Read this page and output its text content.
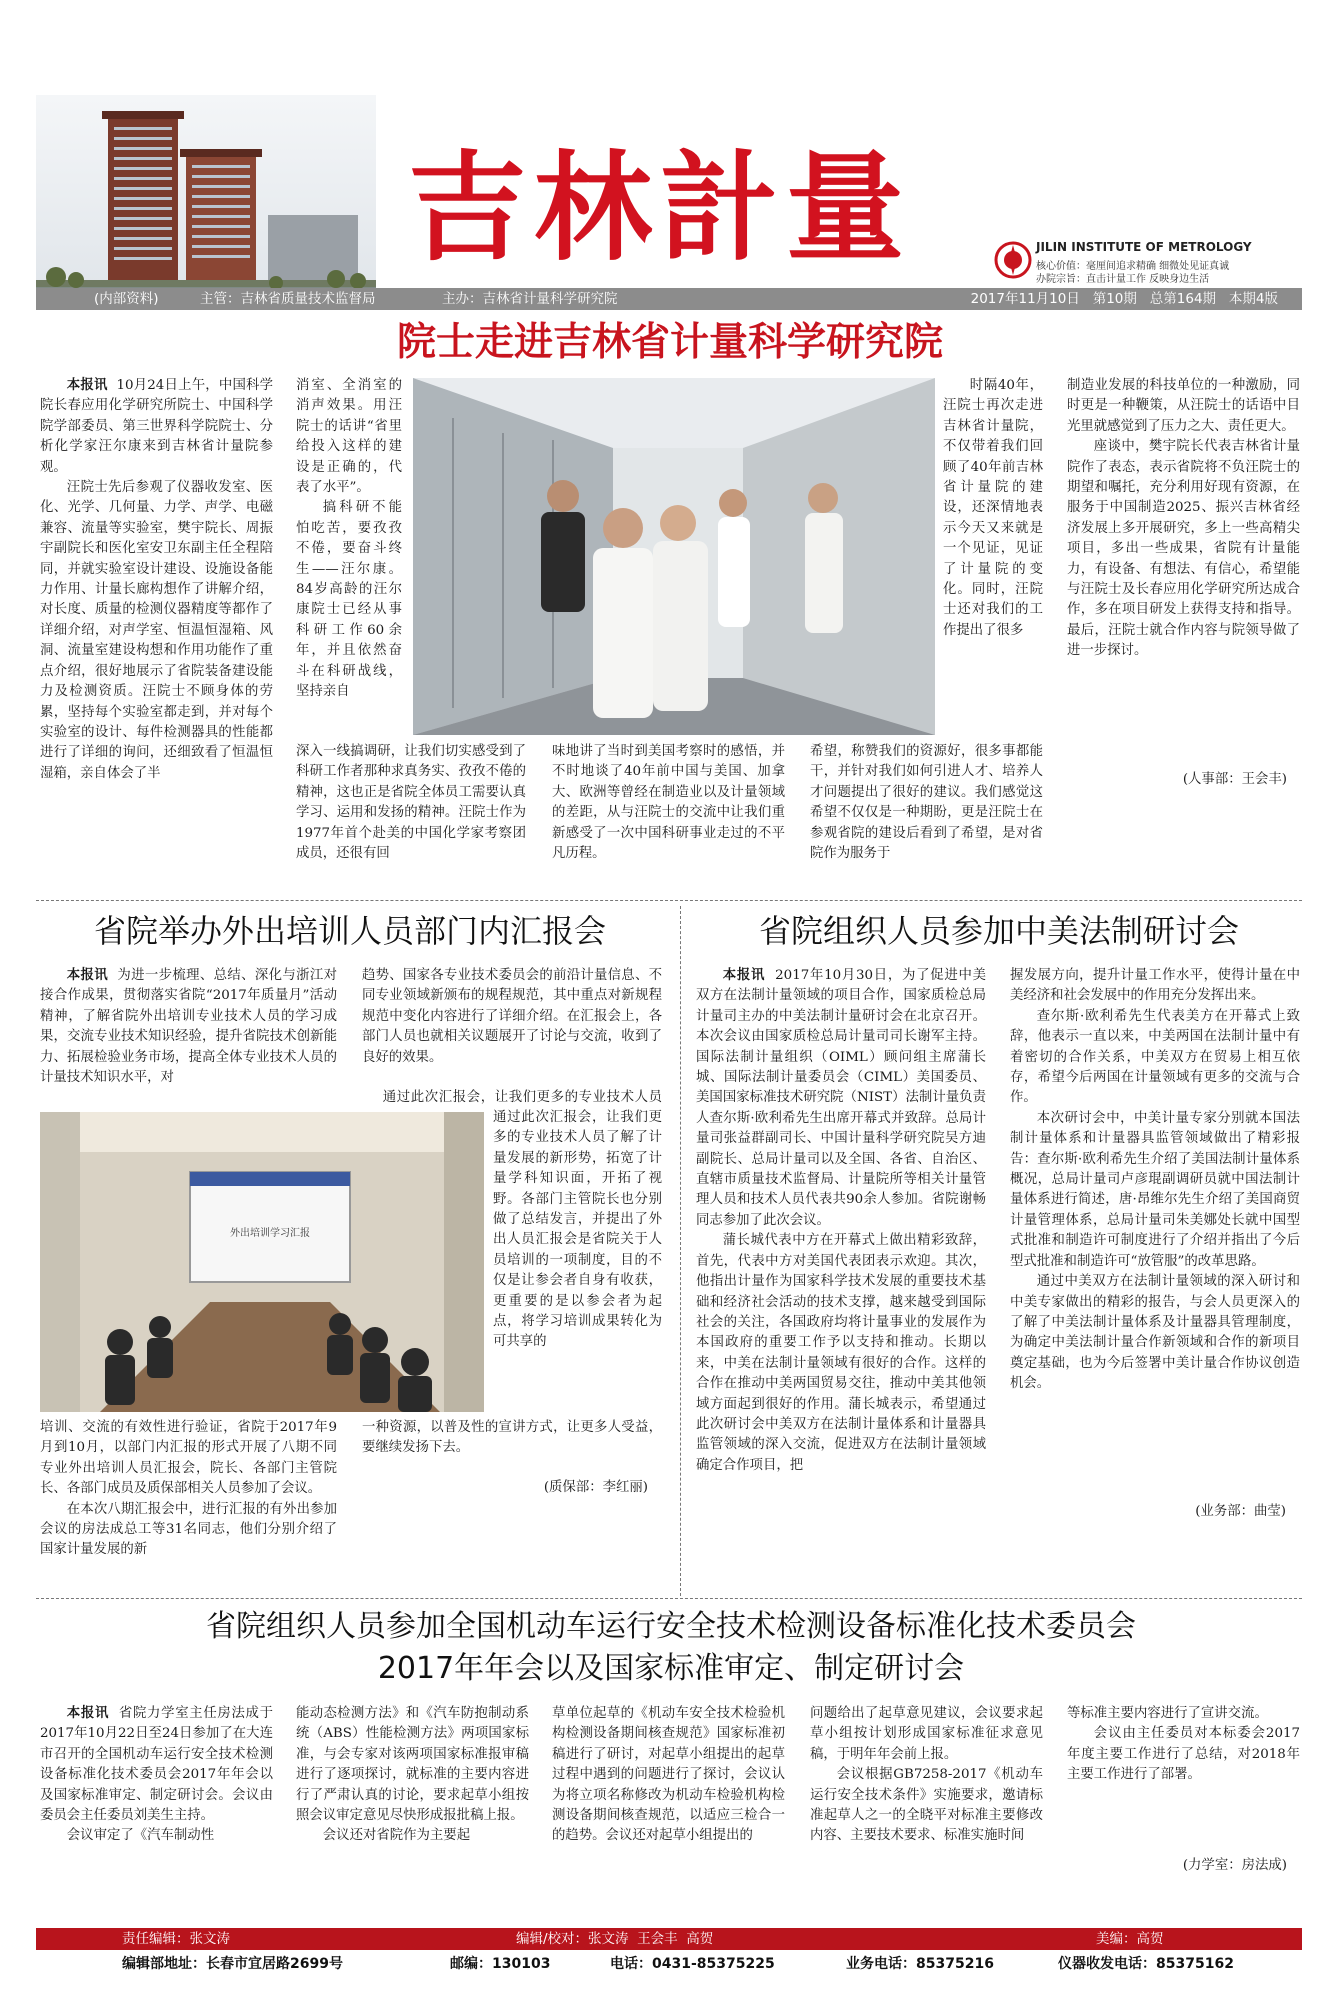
吉林計量	JILIN INSTITUTE OF METROLOGY
核心价值：毫厘间追求精确 细微处见证真诚
办院宗旨：直击计量工作 反映身边生活
(内部资料)	主管：吉林省质量技术监督局	主办：吉林省计量科学研究院	2017年11月10日   第10期   总第164期   本期4版
院士走进吉林省计量科学研究院

本报讯 10月24日上午，中国科学院长春应用化学研究所院士、中国科学院学部委员、第三世界科学院院士、分析化学家汪尔康来到吉林省计量院参观。

汪院士先后参观了仪器收发室、医化、光学、几何量、力学、声学、电磁兼容、流量等实验室，樊宇院长、周振宇副院长和医化室安卫东副主任全程陪同，并就实验室设计建设、设施设备能力作用、计量长廊构想作了讲解介绍，对长度、质量的检测仪器精度等都作了详细介绍，对声学室、恒温恒湿箱、风洞、流量室建设构想和作用功能作了重点介绍，很好地展示了省院装备建设能力及检测资质。汪院士不顾身体的劳累，坚持每个实验室都走到，并对每个实验室的设计、每件检测器具的性能都进行了详细的询问，还细致看了恒温恒湿箱，亲自体会了半

消室、全消室的消声效果。用汪院士的话讲“省里给投入这样的建设是正确的，代表了水平”。

搞科研不能怕吃苦，要孜孜不倦，要奋斗终生——汪尔康。84岁高龄的汪尔康院士已经从事科研工作60余年，并且依然奋斗在科研战线，坚持亲自

时隔40年，汪院士再次走进吉林省计量院，不仅带着我们回顾了40年前吉林省计量院的建设，还深情地表示今天又来就是一个见证，见证了计量院的变化。同时，汪院士还对我们的工作提出了很多

深入一线搞调研，让我们切实感受到了科研工作者那种求真务实、孜孜不倦的精神，这也正是省院全体员工需要认真学习、运用和发扬的精神。汪院士作为1977年首个赴美的中国化学家考察团成员，还很有回

味地讲了当时到美国考察时的感悟，并不时地谈了40年前中国与美国、加拿大、欧洲等曾经在制造业以及计量领域的差距，从与汪院士的交流中让我们重新感受了一次中国科研事业走过的不平凡历程。

希望，称赞我们的资源好，很多事都能干，并针对我们如何引进人才、培养人才问题提出了很好的建议。我们感觉这希望不仅仅是一种期盼，更是汪院士在参观省院的建设后看到了希望，是对省院作为服务于

制造业发展的科技单位的一种激励，同时更是一种鞭策，从汪院士的话语中目光里就感觉到了压力之大、责任更大。

座谈中，樊宇院长代表吉林省计量院作了表态，表示省院将不负汪院士的期望和嘱托，充分利用好现有资源，在服务于中国制造2025、振兴吉林省经济发展上多开展研究，多上一些高精尖项目，多出一些成果，省院有计量能力，有设备、有想法、有信心，希望能与汪院士及长春应用化学研究所达成合作，多在项目研发上获得支持和指导。最后，汪院士就合作内容与院领导做了进一步探讨。

(人事部：王会丰)
省院举办外出培训人员部门内汇报会

本报讯 为进一步梳理、总结、深化与浙江对接合作成果，贯彻落实省院“2017年质量月”活动精神，了解省院外出培训专业技术人员的学习成果，交流专业技术知识经验，提升省院技术创新能力、拓展检验业务市场，提高全体专业技术人员的计量技术知识水平，对

趋势、国家各专业技术委员会的前沿计量信息、不同专业领域新颁布的规程规范，其中重点对新规程规范中变化内容进行了详细介绍。在汇报会上，各部门人员也就相关议题展开了讨论与交流，收到了良好的效果。

通过此次汇报会，让我们更多的专业技术人员

外出培训学习汇报

通过此次汇报会，让我们更多的专业技术人员了解了计量发展的新形势，拓宽了计量学科知识面，开拓了视野。各部门主管院长也分别做了总结发言，并提出了外出人员汇报会是省院关于人员培训的一项制度，目的不仅是让参会者自身有收获，更重要的是以参会者为起点，将学习培训成果转化为可共享的

培训、交流的有效性进行验证，省院于2017年9月到10月，以部门内汇报的形式开展了八期不同专业外出培训人员汇报会，院长、各部门主管院长、各部门成员及质保部相关人员参加了会议。

在本次八期汇报会中，进行汇报的有外出参加会议的房法成总工等31名同志，他们分别介绍了国家计量发展的新

一种资源，以普及性的宣讲方式，让更多人受益，要继续发扬下去。

(质保部：李红丽)
省院组织人员参加中美法制研讨会

本报讯 2017年10月30日，为了促进中美双方在法制计量领域的项目合作，国家质检总局计量司主办的中美法制计量研讨会在北京召开。本次会议由国家质检总局计量司司长谢军主持。国际法制计量组织（OIML）顾问组主席蒲长城、国际法制计量委员会（CIML）美国委员、美国国家标准技术研究院（NIST）法制计量负责人查尔斯·欧利希先生出席开幕式并致辞。总局计量司张益群副司长、中国计量科学研究院吴方迪副院长、总局计量司以及全国、各省、自治区、直辖市质量技术监督局、计量院所等相关计量管理人员和技术人员代表共90余人参加。省院谢畅同志参加了此次会议。

蒲长城代表中方在开幕式上做出精彩致辞，首先，代表中方对美国代表团表示欢迎。其次，他指出计量作为国家科学技术发展的重要技术基础和经济社会活动的技术支撑，越来越受到国际社会的关注，各国政府均将计量事业的发展作为本国政府的重要工作予以支持和推动。长期以来，中美在法制计量领域有很好的合作。这样的合作在推动中美两国贸易交往，推动中美其他领域方面起到很好的作用。蒲长城表示，希望通过此次研讨会中美双方在法制计量体系和计量器具监管领域的深入交流，促进双方在法制计量领域确定合作项目，把

握发展方向，提升计量工作水平，使得计量在中美经济和社会发展中的作用充分发挥出来。

查尔斯·欧利希先生代表美方在开幕式上致辞，他表示一直以来，中美两国在法制计量中有着密切的合作关系，中美双方在贸易上相互依存，希望今后两国在计量领域有更多的交流与合作。

本次研讨会中，中美计量专家分别就本国法制计量体系和计量器具监管领域做出了精彩报告：查尔斯·欧利希先生介绍了美国法制计量体系概况，总局计量司卢彦琨副调研员就中国法制计量体系进行简述，唐·昂维尔先生介绍了美国商贸计量管理体系，总局计量司朱美娜处长就中国型式批准和制造许可制度进行了介绍并指出了今后型式批准和制造许可“放管服”的改革思路。

通过中美双方在法制计量领域的深入研讨和中美专家做出的精彩的报告，与会人员更深入的了解了中美法制计量体系及计量器具管理制度，为确定中美法制计量合作新领域和合作的新项目奠定基础，也为今后签署中美计量合作协议创造机会。

(业务部：曲莹)
省院组织人员参加全国机动车运行安全技术检测设备标准化技术委员会
2017年年会以及国家标准审定、制定研讨会

本报讯 省院力学室主任房法成于2017年10月22日至24日参加了在大连市召开的全国机动车运行安全技术检测设备标准化技术委员会2017年年会以及国家标准审定、制定研讨会。会议由委员会主任委员刘美生主持。

会议审定了《汽车制动性

能动态检测方法》和《汽车防抱制动系统（ABS）性能检测方法》两项国家标准，与会专家对该两项国家标准报审稿进行了逐项探讨，就标准的主要内容进行了严肃认真的讨论，要求起草小组按照会议审定意见尽快形成报批稿上报。

会议还对省院作为主要起

草单位起草的《机动车安全技术检验机构检测设备期间核查规范》国家标准初稿进行了研讨，对起草小组提出的起草过程中遇到的问题进行了探讨，会议认为将立项名称修改为机动车检验机构检测设备期间核查规范，以适应三检合一的趋势。会议还对起草小组提出的

问题给出了起草意见建议，会议要求起草小组按计划形成国家标准征求意见稿，于明年年会前上报。

会议根据GB7258-2017《机动车运行安全技术条件》实施要求，邀请标准起草人之一的全晓平对标准主要修改内容、主要技术要求、标准实施时间

等标准主要内容进行了宣讲交流。

会议由主任委员对本标委会2017年度主要工作进行了总结，对2018年主要工作进行了部署。

(力学室：房法成)
责任编辑：张文涛	编辑/校对：张文涛  王会丰  高贺	美编：高贺
编辑部地址：长春市宜居路2699号	邮编：130103	电话：0431-85375225	业务电话：85375216	仪器收发电话：85375162
